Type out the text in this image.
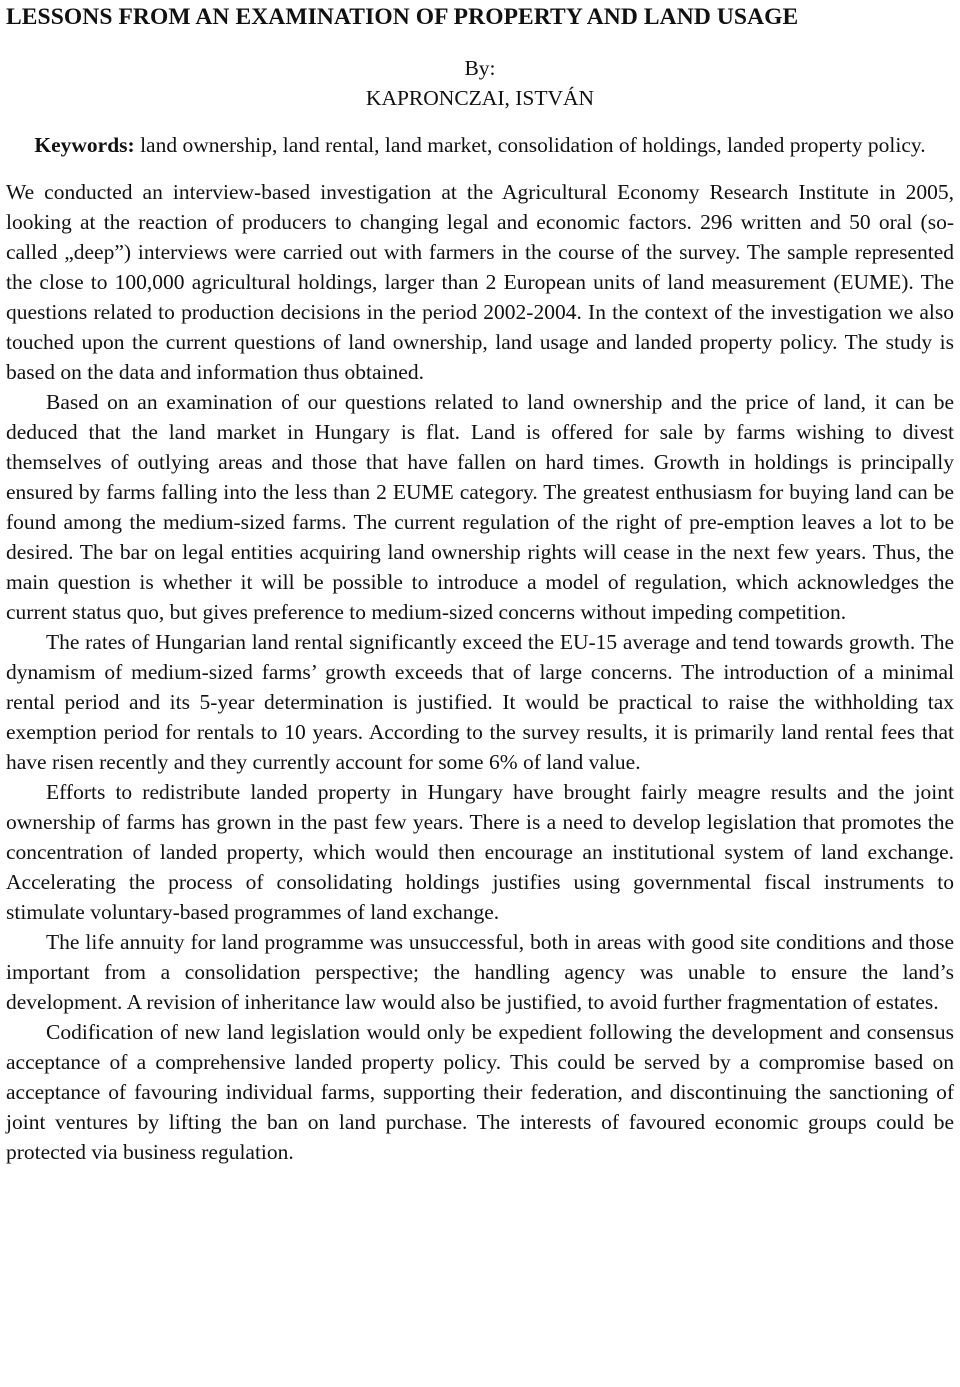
LESSONS FROM AN EXAMINATION OF PROPERTY AND LAND USAGE
By:
KAPRONCZAI, ISTVÁN
Keywords: land ownership, land rental, land market, consolidation of holdings, landed property policy.

We conducted an interview-based investigation at the Agricultural Economy Research Institute in 2005, looking at the reaction of producers to changing legal and economic factors. 296 written and 50 oral (so-called „deep”) interviews were carried out with farmers in the course of the survey. The sample represented the close to 100,000 agricultural holdings, larger than 2 European units of land measurement (EUME). The questions related to production decisions in the period 2002-2004. In the context of the investigation we also touched upon the current questions of land ownership, land usage and landed property policy. The study is based on the data and information thus obtained.

Based on an examination of our questions related to land ownership and the price of land, it can be deduced that the land market in Hungary is flat. Land is offered for sale by farms wishing to divest themselves of outlying areas and those that have fallen on hard times. Growth in holdings is principally ensured by farms falling into the less than 2 EUME category. The greatest enthusiasm for buying land can be found among the medium-sized farms. The current regulation of the right of pre-emption leaves a lot to be desired. The bar on legal entities acquiring land ownership rights will cease in the next few years. Thus, the main question is whether it will be possible to introduce a model of regulation, which acknowledges the current status quo, but gives preference to medium-sized concerns without impeding competition.

The rates of Hungarian land rental significantly exceed the EU-15 average and tend towards growth. The dynamism of medium-sized farms’ growth exceeds that of large concerns. The introduction of a minimal rental period and its 5-year determination is justified. It would be practical to raise the withholding tax exemption period for rentals to 10 years. According to the survey results, it is primarily land rental fees that have risen recently and they currently account for some 6% of land value.

Efforts to redistribute landed property in Hungary have brought fairly meagre results and the joint ownership of farms has grown in the past few years. There is a need to develop legislation that promotes the concentration of landed property, which would then encourage an institutional system of land exchange. Accelerating the process of consolidating holdings justifies using governmental fiscal instruments to stimulate voluntary-based programmes of land exchange.

The life annuity for land programme was unsuccessful, both in areas with good site conditions and those important from a consolidation perspective; the handling agency was unable to ensure the land’s development. A revision of inheritance law would also be justified, to avoid further fragmentation of estates.

Codification of new land legislation would only be expedient following the development and consensus acceptance of a comprehensive landed property policy. This could be served by a compromise based on acceptance of favouring individual farms, supporting their federation, and discontinuing the sanctioning of joint ventures by lifting the ban on land purchase. The interests of favoured economic groups could be protected via business regulation.
